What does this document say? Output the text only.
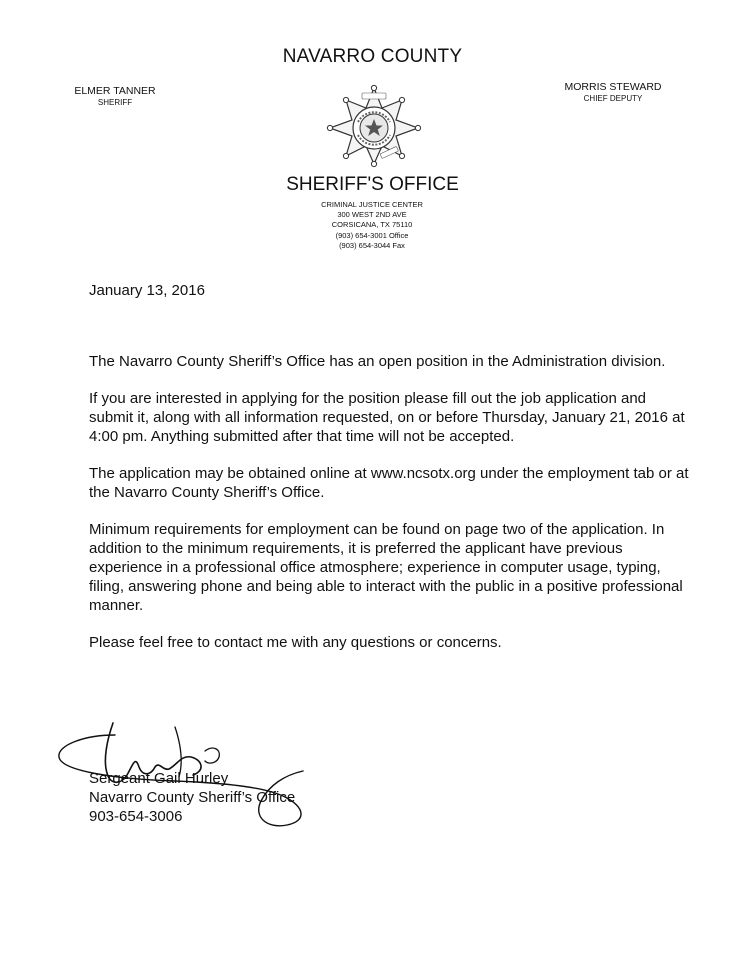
NAVARRO COUNTY
ELMER TANNER
SHERIFF
MORRIS STEWARD
CHIEF DEPUTY
SHERIFF'S OFFICE
CRIMINAL JUSTICE CENTER
300 WEST 2ND AVE
CORSICANA, TX 75110
(903) 654-3001 Office
(903) 654-3044 Fax
January 13, 2016

The Navarro County Sheriff’s Office has an open position in the Administration division.

If you are interested in applying for the position please fill out the job application and submit it, along with all information requested, on or before Thursday, January 21, 2016 at 4:00 pm. Anything submitted after that time will not be accepted.

The application may be obtained online at www.ncsotx.org under the employment tab or at the Navarro County Sheriff’s Office.

Minimum requirements for employment can be found on page two of the application. In addition to the minimum requirements, it is preferred the applicant have previous experience in a professional office atmosphere; experience in computer usage, typing, filing, answering phone and being able to interact with the public in a positive professional manner.

Please feel free to contact me with any questions or concerns.

Sergeant Gail Hurley
Navarro County Sheriff’s Office
903-654-3006
